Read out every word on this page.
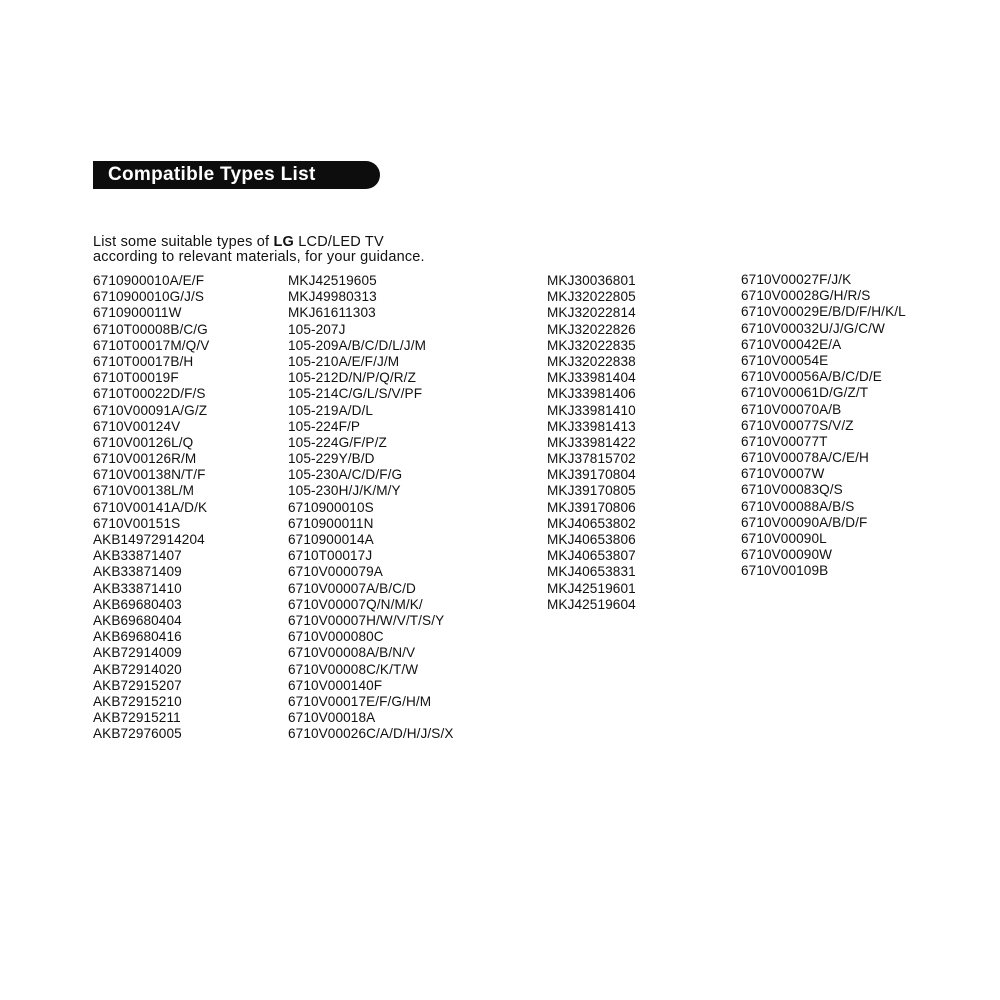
Compatible Types List
List some suitable types of LG LCD/LED TV
according to relevant materials, for your guidance.
6710900010A/E/F
6710900010G/J/S
6710900011W
6710T00008B/C/G
6710T00017M/Q/V
6710T00017B/H
6710T00019F
6710T00022D/F/S
6710V00091A/G/Z
6710V00124V
6710V00126L/Q
6710V00126R/M
6710V00138N/T/F
6710V00138L/M
6710V00141A/D/K
6710V00151S
AKB14972914204
AKB33871407
AKB33871409
AKB33871410
AKB69680403
AKB69680404
AKB69680416
AKB72914009
AKB72914020
AKB72915207
AKB72915210
AKB72915211
AKB72976005
MKJ42519605
MKJ49980313
MKJ61611303
105-207J
105-209A/B/C/D/L/J/M
105-210A/E/F/J/M
105-212D/N/P/Q/R/Z
105-214C/G/L/S/V/PF
105-219A/D/L
105-224F/P
105-224G/F/P/Z
105-229Y/B/D
105-230A/C/D/F/G
105-230H/J/K/M/Y
6710900010S
6710900011N
6710900014A
6710T00017J
6710V000079A
6710V00007A/B/C/D
6710V00007Q/N/M/K/
6710V00007H/W/V/T/S/Y
6710V000080C
6710V00008A/B/N/V
6710V00008C/K/T/W
6710V000140F
6710V00017E/F/G/H/M
6710V00018A
6710V00026C/A/D/H/J/S/X
MKJ30036801
MKJ32022805
MKJ32022814
MKJ32022826
MKJ32022835
MKJ32022838
MKJ33981404
MKJ33981406
MKJ33981410
MKJ33981413
MKJ33981422
MKJ37815702
MKJ39170804
MKJ39170805
MKJ39170806
MKJ40653802
MKJ40653806
MKJ40653807
MKJ40653831
MKJ42519601
MKJ42519604
6710V00027F/J/K
6710V00028G/H/R/S
6710V00029E/B/D/F/H/K/L
6710V00032U/J/G/C/W
6710V00042E/A
6710V00054E
6710V00056A/B/C/D/E
6710V00061D/G/Z/T
6710V00070A/B
6710V00077S/V/Z
6710V00077T
6710V00078A/C/E/H
6710V0007W
6710V00083Q/S
6710V00088A/B/S
6710V00090A/B/D/F
6710V00090L
6710V00090W
6710V00109B
